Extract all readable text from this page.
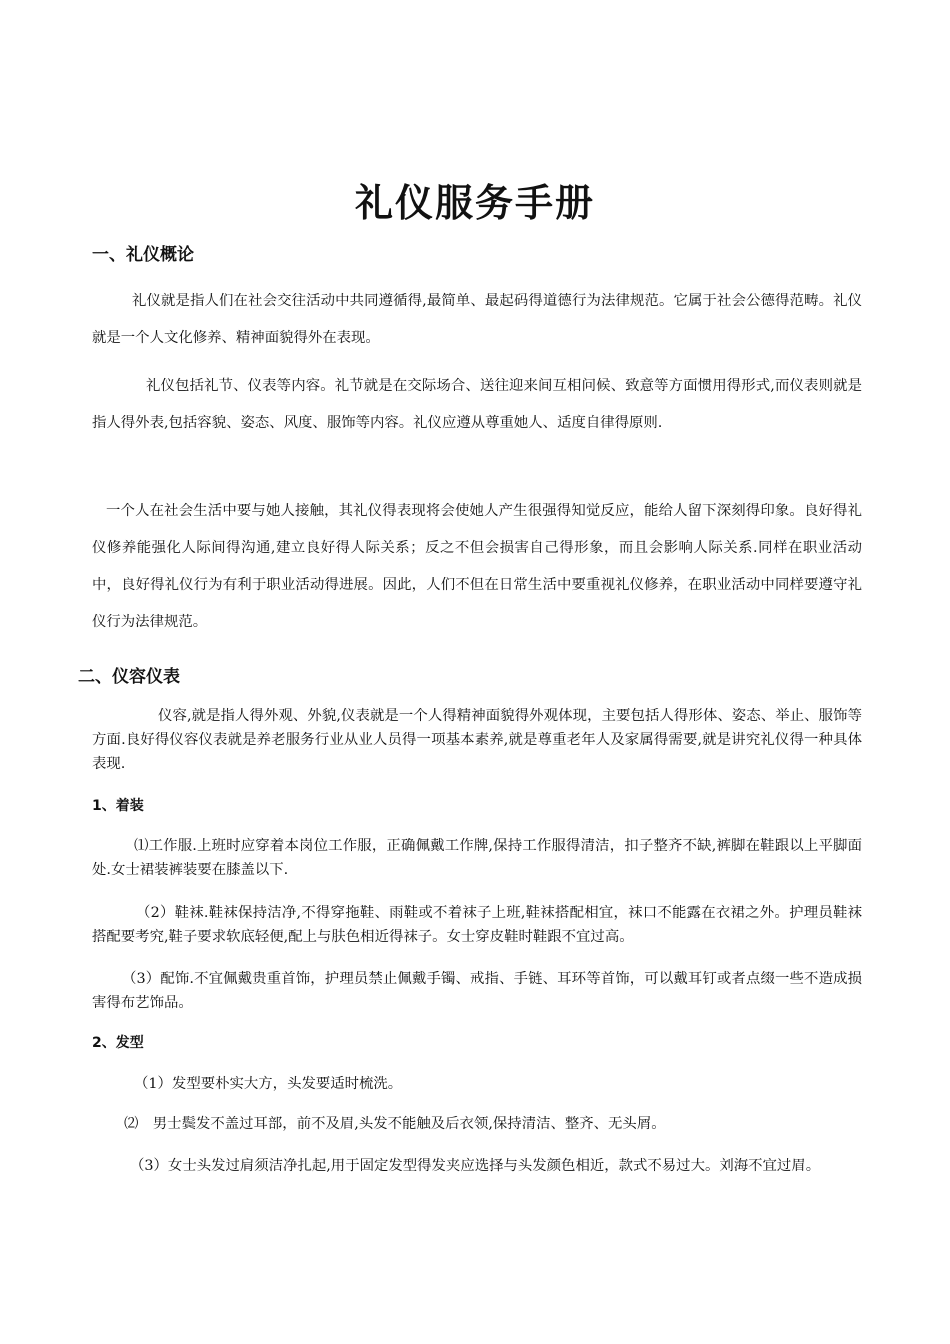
礼仪服务手册
一、礼仪概论

礼仪就是指人们在社会交往活动中共同遵循得,最简单、最起码得道德行为法律规范。它属于社会公德得范畴。礼仪就是一个人文化修养、精神面貌得外在表现。

礼仪包括礼节、仪表等内容。礼节就是在交际场合、送往迎来间互相问候、致意等方面惯用得形式,而仪表则就是指人得外表,包括容貌、姿态、风度、服饰等内容。礼仪应遵从尊重她人、适度自律得原则.

一个人在社会生活中要与她人接触，其礼仪得表现将会使她人产生很强得知觉反应，能给人留下深刻得印象。良好得礼仪修养能强化人际间得沟通,建立良好得人际关系；反之不但会损害自己得形象，而且会影响人际关系.同样在职业活动中，良好得礼仪行为有利于职业活动得进展。因此，人们不但在日常生活中要重视礼仪修养，在职业活动中同样要遵守礼仪行为法律规范。

二、仪容仪表

仪容,就是指人得外观、外貌,仪表就是一个人得精神面貌得外观体现，主要包括人得形体、姿态、举止、服饰等方面.良好得仪容仪表就是养老服务行业从业人员得一项基本素养,就是尊重老年人及家属得需要,就是讲究礼仪得一种具体表现.

1、着装

⑴工作服.上班时应穿着本岗位工作服，正确佩戴工作牌,保持工作服得清洁，扣子整齐不缺,裤脚在鞋跟以上平脚面处.女士裙装裤装要在膝盖以下.

（2）鞋袜.鞋袜保持洁净,不得穿拖鞋、雨鞋或不着袜子上班,鞋袜搭配相宜，袜口不能露在衣裙之外。护理员鞋袜搭配要考究,鞋子要求软底轻便,配上与肤色相近得袜子。女士穿皮鞋时鞋跟不宜过高。

（3）配饰.不宜佩戴贵重首饰，护理员禁止佩戴手镯、戒指、手链、耳环等首饰，可以戴耳钉或者点缀一些不造成损害得布艺饰品。

2、发型

（1）发型要朴实大方，头发要适时梳洗。

⑵　男士鬓发不盖过耳部，前不及眉,头发不能触及后衣领,保持清洁、整齐、无头屑。

（3）女士头发过肩须洁净扎起,用于固定发型得发夹应选择与头发颜色相近，款式不易过大。刘海不宜过眉。
